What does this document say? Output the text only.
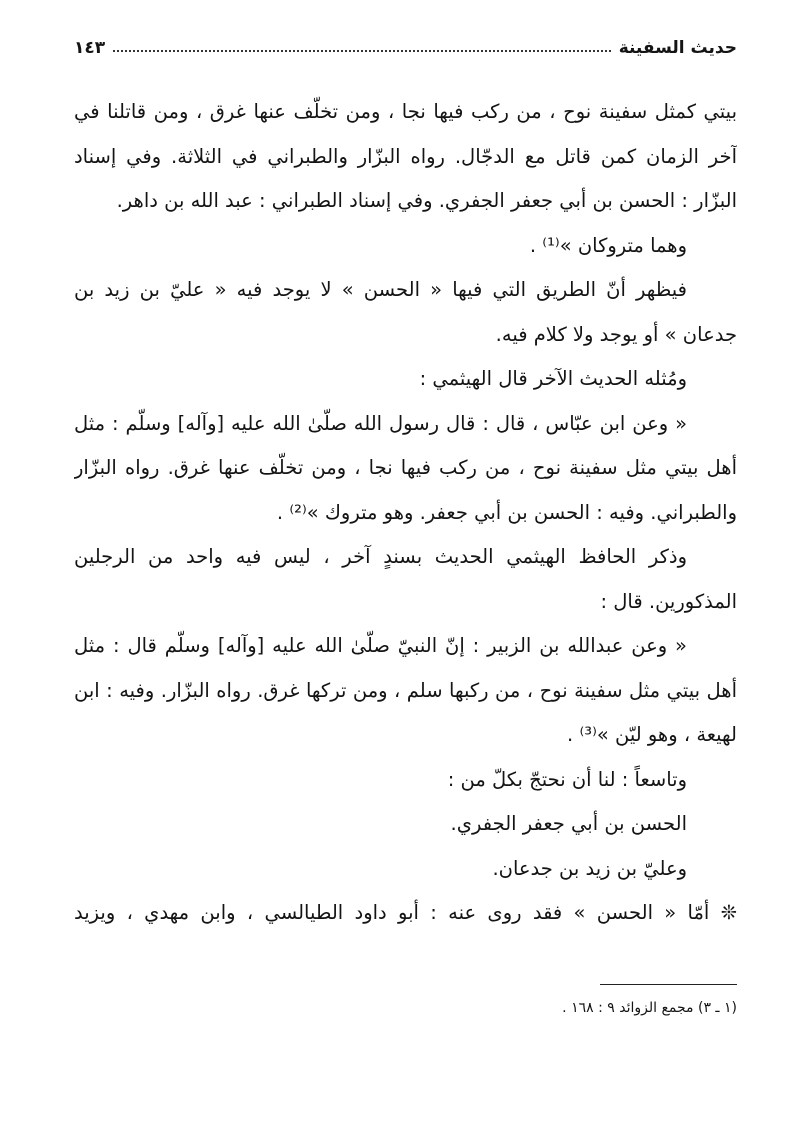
حديث السفينة
١٤٣
بيتي كمثل سفينة نوح ، من ركب فيها نجا ، ومن تخلّف عنها غرق ، ومن قاتلنا في
آخر الزمان كمن قاتل مع الدجّال. رواه البزّار والطبراني في الثلاثة. وفي إسناد
البزّار : الحسن بن أبي جعفر الجفري. وفي إسناد الطبراني : عبد الله بن داهر.
وهما متروكان »⁽¹⁾ .
فيظهر أنّ الطريق التي فيها « الحسن » لا يوجد فيه « عليّ بن زيد بن
جدعان » أو يوجد ولا كلام فيه.
ومُثله الحديث الآخر قال الهيثمي :
« وعن ابن عبّاس ، قال : قال رسول الله صلّىٰ الله عليه [وآله] وسلّم : مثل
أهل بيتي مثل سفينة نوح ، من ركب فيها نجا ، ومن تخلّف عنها غرق. رواه البزّار
والطبراني. وفيه : الحسن بن أبي جعفر. وهو متروك »⁽²⁾ .
وذكر الحافظ الهيثمي الحديث بسندٍ آخر ، ليس فيه واحد من الرجلين
المذكورين. قال :
« وعن عبدالله بن الزبير : إنّ النبيّ صلّىٰ الله عليه [وآله] وسلّم قال : مثل
أهل بيتي مثل سفينة نوح ، من ركبها سلم ، ومن تركها غرق. رواه البزّار. وفيه : ابن
لهيعة ، وهو ليّن »⁽³⁾ .
وتاسعاً : لنا أن نحتجّ بكلّ من :
الحسن بن أبي جعفر الجفري.
وعليّ بن زيد بن جدعان.
❊ أمّا « الحسن » فقد روى عنه : أبو داود الطيالسي ، وابن مهدي ، ويزيد
(١ ـ ٣) مجمع الزوائد ٩ : ١٦٨ .
